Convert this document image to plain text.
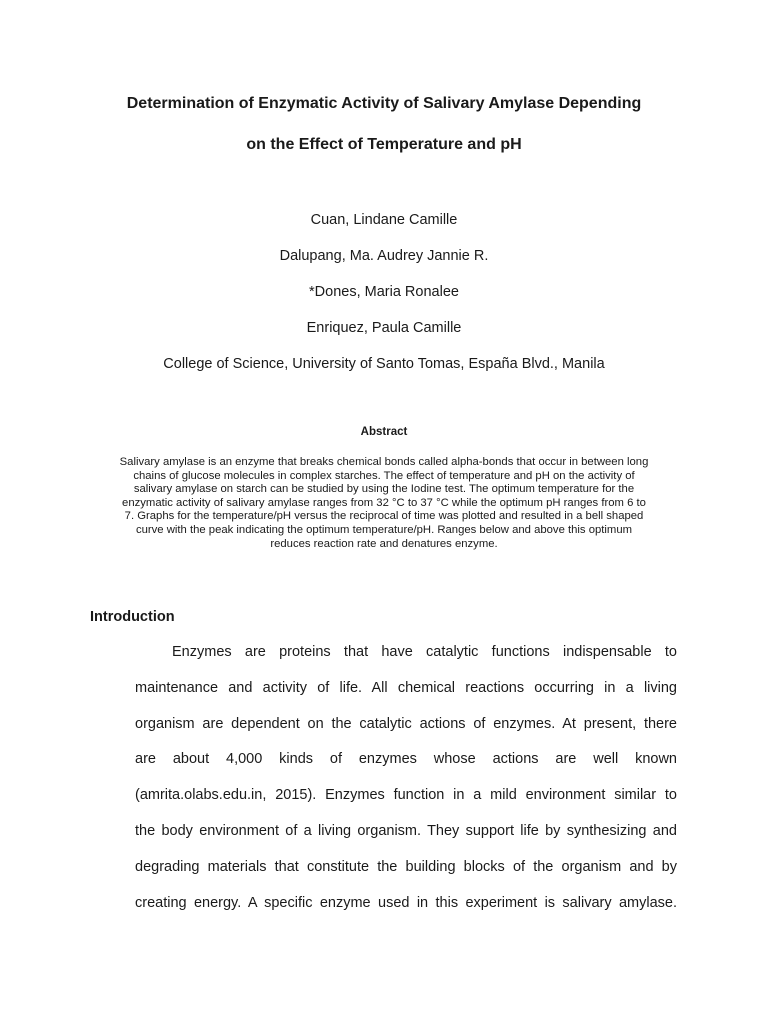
Determination of Enzymatic Activity of Salivary Amylase Depending
on the Effect of Temperature and pH
Cuan, Lindane Camille
Dalupang, Ma. Audrey Jannie R.
*Dones, Maria Ronalee
Enriquez, Paula Camille
College of Science, University of Santo Tomas, España Blvd., Manila
Abstract
Salivary amylase is an enzyme that breaks chemical bonds called alpha-bonds that occur in between long
chains of glucose molecules in complex starches. The effect of temperature and pH on the activity of
salivary amylase on starch can be studied by using the Iodine test. The optimum temperature for the
enzymatic activity of salivary amylase ranges from 32 °C to 37 °C while the optimum pH ranges from 6 to
7. Graphs for the temperature/pH versus the reciprocal of time was plotted and resulted in a bell shaped
curve with the peak indicating the optimum temperature/pH. Ranges below and above this optimum
reduces reaction rate and denatures enzyme.
Introduction
Enzymes are proteins that have catalytic functions indispensable to
maintenance and activity of life. All chemical reactions occurring in a living
organism are dependent on the catalytic actions of enzymes. At present, there
are about 4,000 kinds of enzymes whose actions are well known
(amrita.olabs.edu.in, 2015). Enzymes function in a mild environment similar to
the body environment of a living organism. They support life by synthesizing and
degrading materials that constitute the building blocks of the organism and by
creating energy. A specific enzyme used in this experiment is salivary amylase.
